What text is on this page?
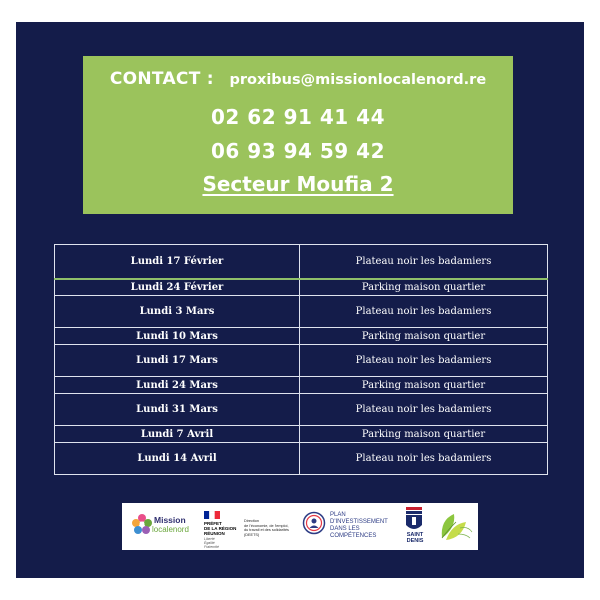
CONTACT : proxibus@missionlocalenord.re
02 62 91 41 44
06 93 94 59 42
Secteur Moufia 2
Lundi 17 Février	Plateau noir les badamiers
Lundi 24 Février	Parking maison quartier
Lundi 3 Mars	Plateau noir les badamiers
Lundi 10 Mars	Parking maison quartier
Lundi 17 Mars	Plateau noir les badamiers
Lundi 24 Mars	Parking maison quartier
Lundi 31 Mars	Plateau noir les badamiers
Lundi 7 Avril	Parking maison quartier
Lundi 14 Avril	Plateau noir les badamiers
Mission
localenord
PRÉFET
DE LA RÉGION
RÉUNION
Liberté
Égalité
Fraternité
Direction
de l'économie, de l'emploi,
du travail et des solidarités (DEETS)
PLAN
D'INVESTISSEMENT
DANS LES COMPÉTENCES	SAINT
DENIS
